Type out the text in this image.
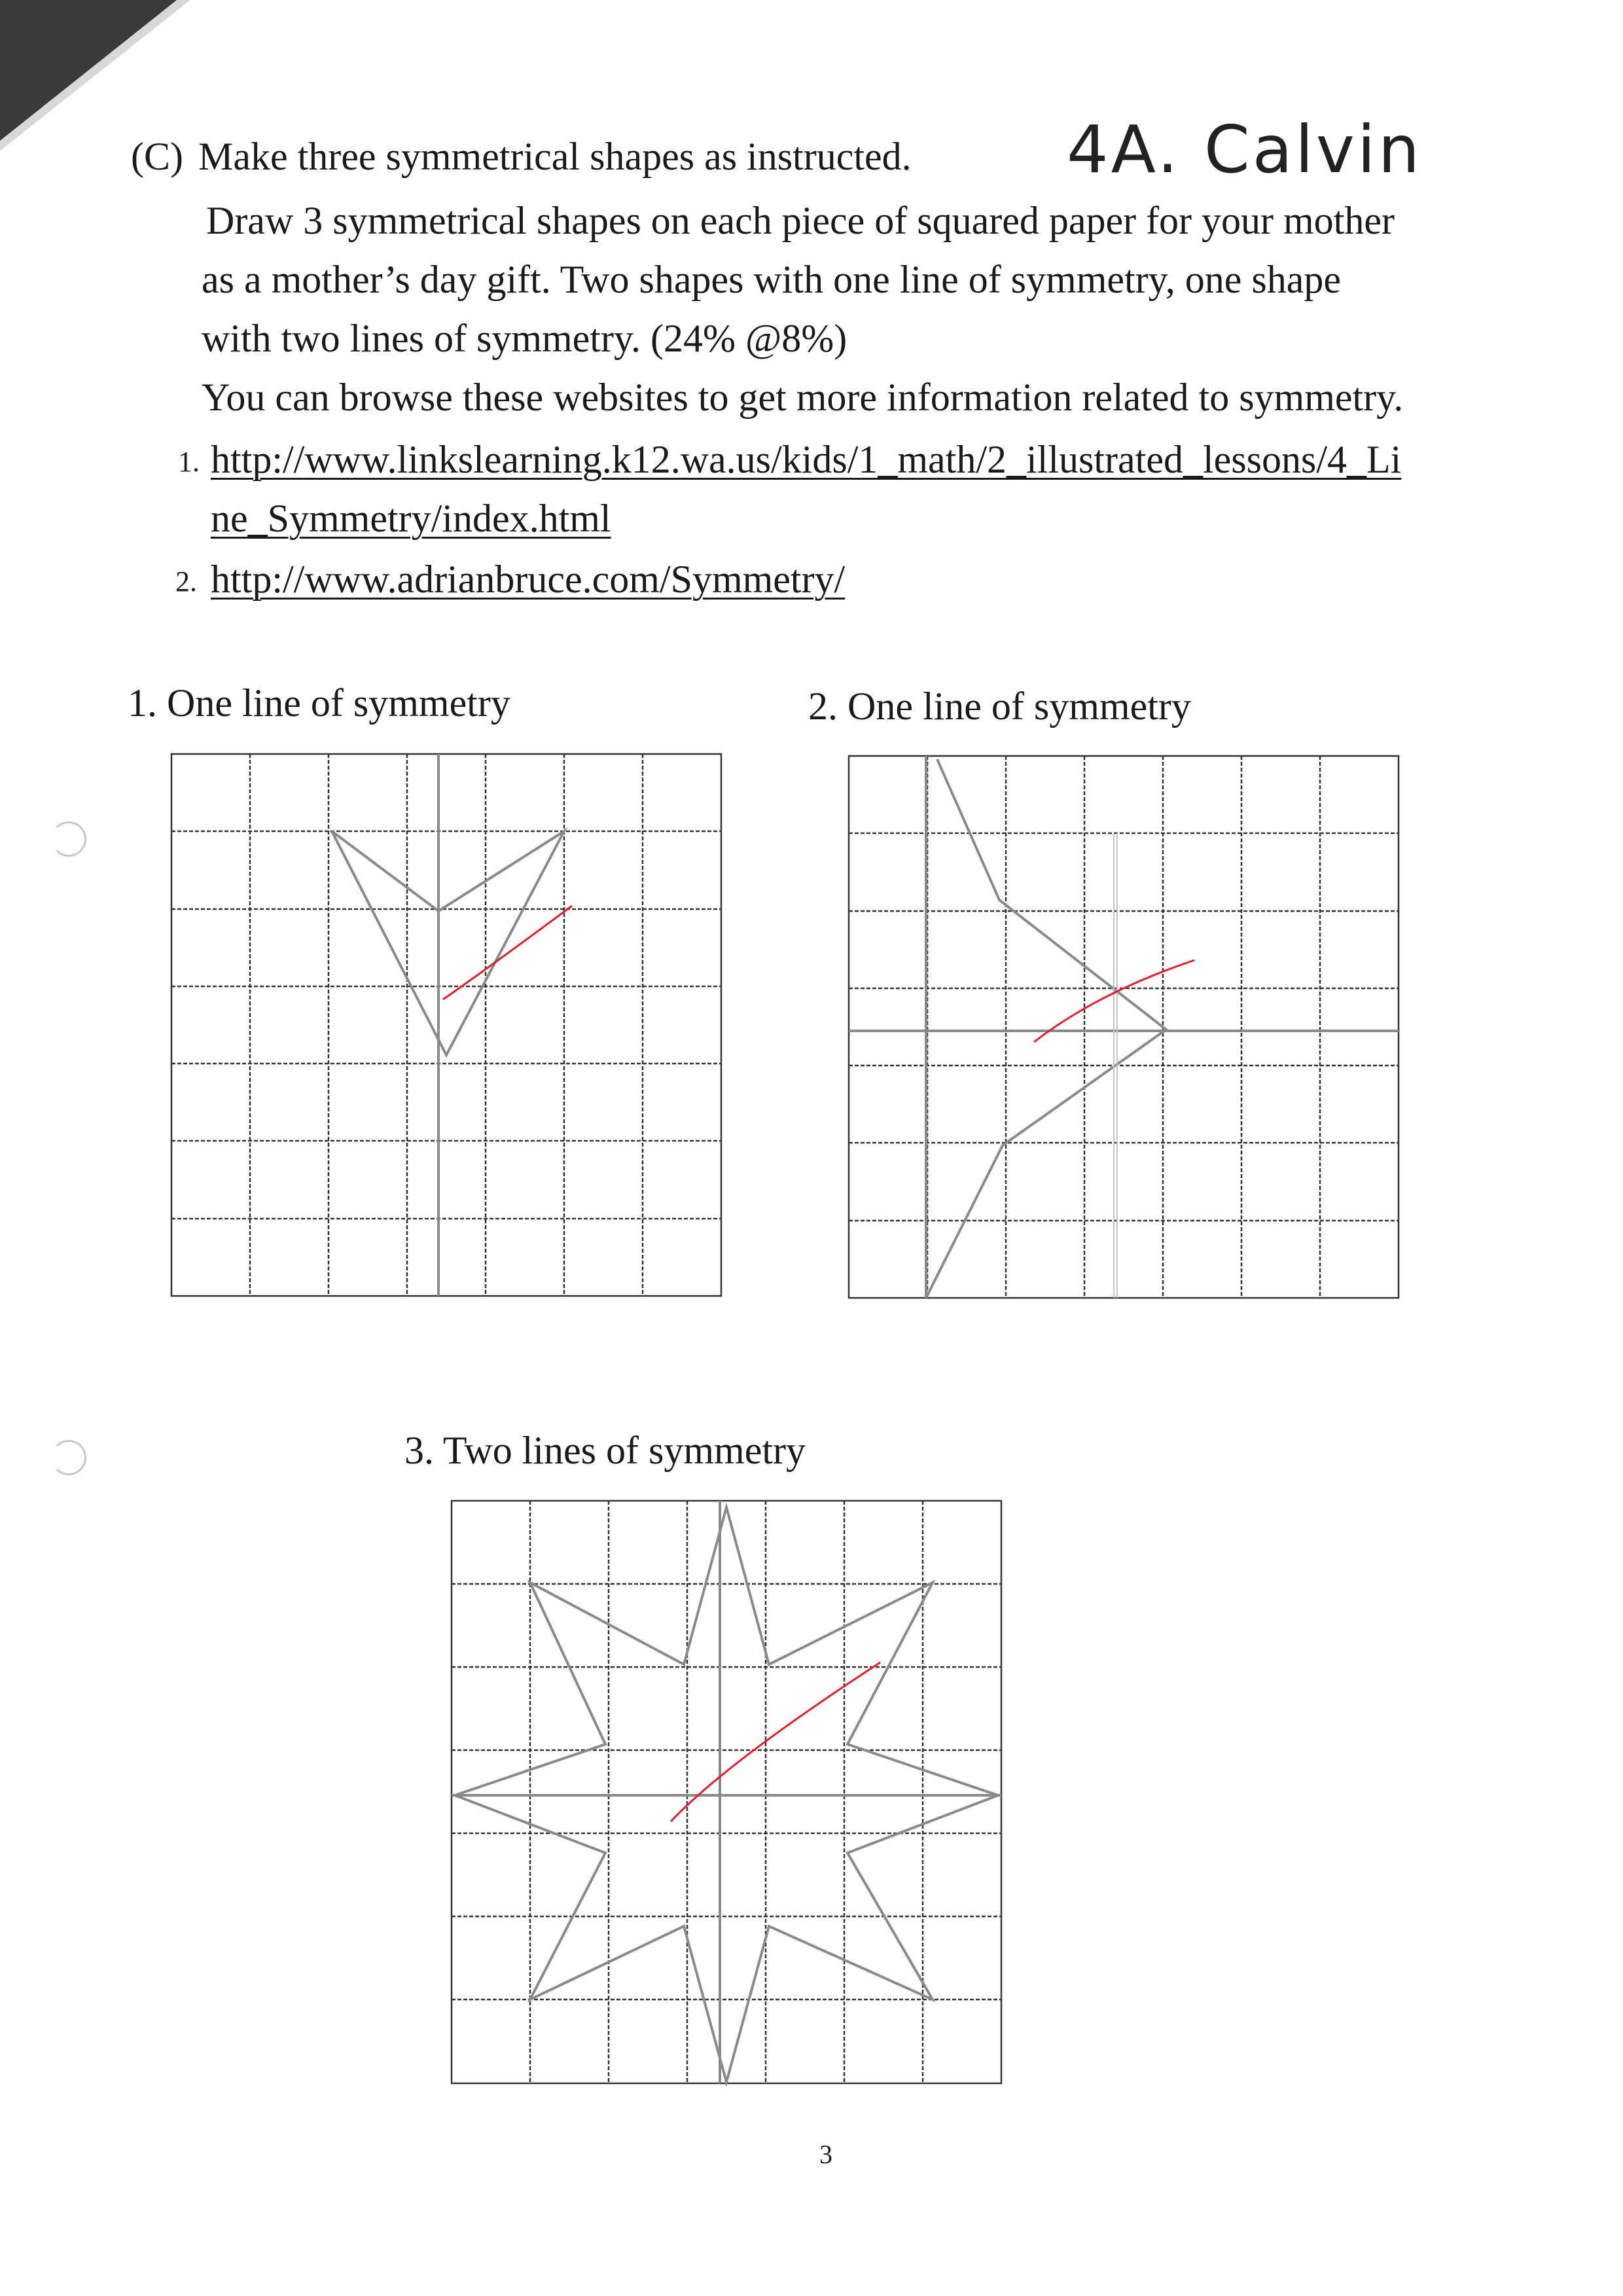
(C) Make three symmetrical shapes as instructed. 4A. Calvin
Draw 3 symmetrical shapes on each piece of squared paper for your mother
as a mother’s day gift. Two shapes with one line of symmetry, one shape
with two lines of symmetry. (24% @8%)
You can browse these websites to get more information related to symmetry.
1. http://www.linkslearning.k12.wa.us/kids/1_math/2_illustrated_lessons/4_Li
ne_Symmetry/index.html
2. http://www.adrianbruce.com/Symmetry/
1. One line of symmetry	2. One line of symmetry
3. Two lines of symmetry
3
